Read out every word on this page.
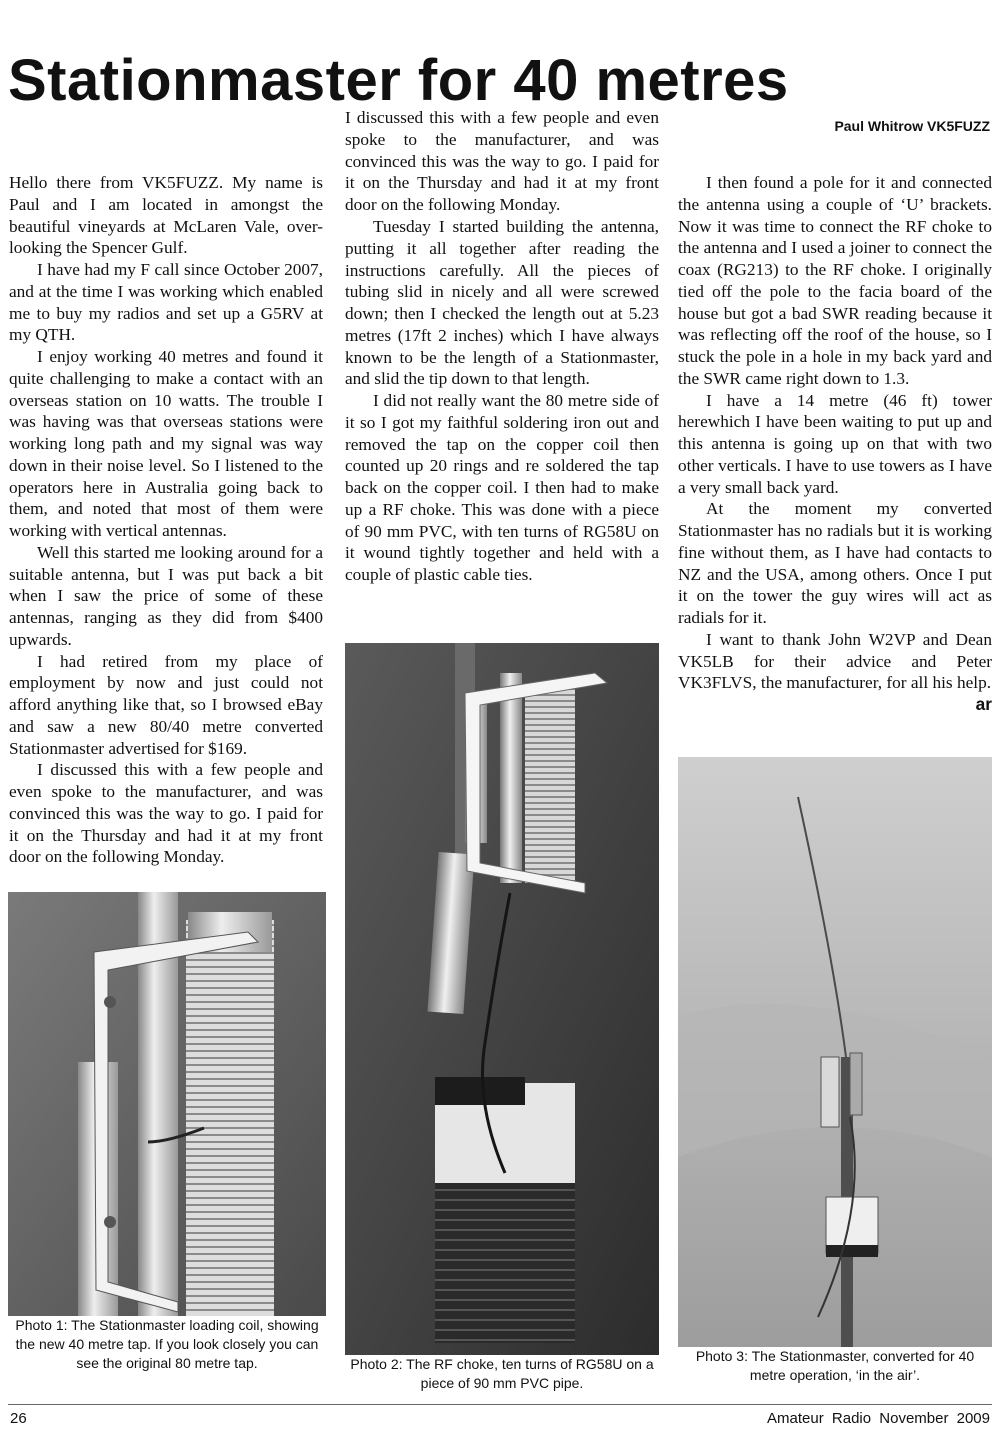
Stationmaster for 40 metres
Paul Whitrow VK5FUZZ

Hello there from VK5FUZZ. My name is Paul and I am located in amongst the beautiful vineyards at McLaren Vale, over-looking the Spencer Gulf.

I have had my F call since October 2007, and at the time I was working which enabled me to buy my radios and set up a G5RV at my QTH.

I enjoy working 40 metres and found it quite challenging to make a contact with an overseas station on 10 watts. The trouble I was having was that overseas stations were working long path and my signal was way down in their noise level. So I listened to the operators here in Australia going back to them, and noted that most of them were working with vertical antennas.

Well this started me looking around for a suitable antenna, but I was put back a bit when I saw the price of some of these antennas, ranging as they did from $400 upwards.

I had retired from my place of employment by now and just could not afford anything like that, so I browsed eBay and saw a new 80/40 metre converted Stationmaster advertised for $169.

I discussed this with a few people and even spoke to the manufacturer, and was convinced this was the way to go. I paid for it on the Thursday and had it at my front door on the following Monday.

I discussed this with a few people and even spoke to the manufacturer, and was convinced this was the way to go. I paid for it on the Thursday and had it at my front door on the following Monday.

Tuesday I started building the antenna, putting it all together after reading the instructions carefully. All the pieces of tubing slid in nicely and all were screwed down; then I checked the length out at 5.23 metres (17ft 2 inches) which I have always known to be the length of a Stationmaster, and slid the tip down to that length.

I did not really want the 80 metre side of it so I got my faithful soldering iron out and removed the tap on the copper coil then counted up 20 rings and re soldered the tap back on the copper coil. I then had to make up a RF choke. This was done with a piece of 90 mm PVC, with ten turns of RG58U on it wound tightly together and held with a couple of plastic cable ties.

I then found a pole for it and connected the antenna using a couple of ‘U’ brackets. Now it was time to connect the RF choke to the antenna and I used a joiner to connect the coax (RG213) to the RF choke. I originally tied off the pole to the facia board of the house but got a bad SWR reading because it was reflecting off the roof of the house, so I stuck the pole in a hole in my back yard and the SWR came right down to 1.3.

I have a 14 metre (46 ft) tower herewhich I have been waiting to put up and this antenna is going up on that with two other verticals. I have to use towers as I have a very small back yard.

At the moment my converted Stationmaster has no radials but it is working fine without them, as I have had contacts to NZ and the USA, among others. Once I put it on the tower the guy wires will act as radials for it.

I want to thank John W2VP and Dean VK5LB for their advice and Peter VK3FLVS, the manufacturer, for all his help.
ar

Photo 1: The Stationmaster loading coil, showing the new 40 metre tap. If you look closely you can see the original 80 metre tap.	Photo 2: The RF choke, ten turns of RG58U on a piece of 90 mm PVC pipe.
Photo 3: The Stationmaster, converted for 40 metre operation, ‘in the air’.
26	Amateur Radio November 2009
